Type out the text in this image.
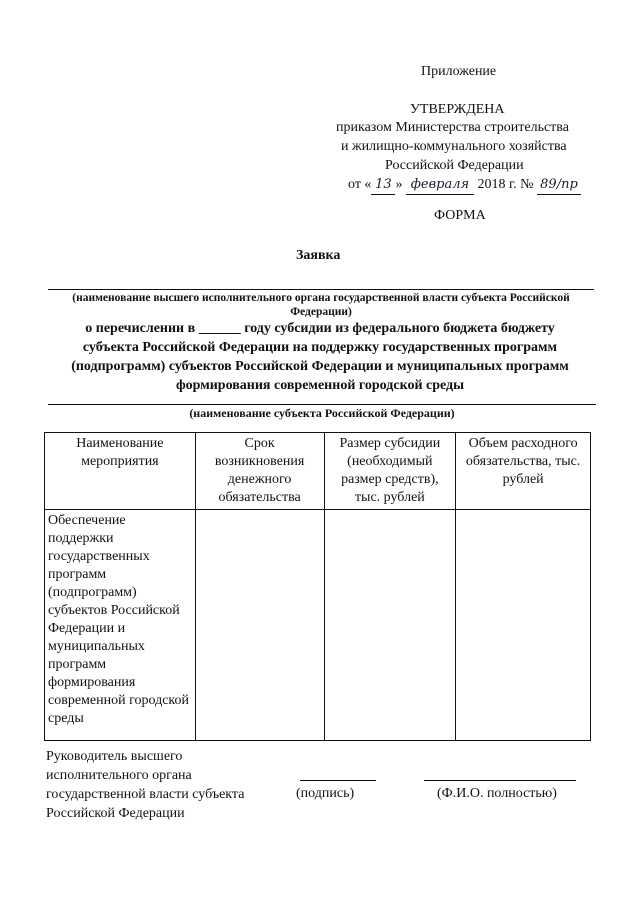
Приложение
УТВЕРЖДЕНА
приказом Министерства строительства
и жилищно-коммунального хозяйства
Российской Федерации
от « 13 » февраля 2018 г. № 89/пр
ФОРМА
Заявка
(наименование высшего исполнительного органа государственной власти субъекта Российской Федерации)
о перечислении в ______ году субсидии из федерального бюджета бюджету
субъекта Российской Федерации на поддержку государственных программ
(подпрограмм) субъектов Российской Федерации и муниципальных программ
формирования современной городской среды
(наименование субъекта Российской Федерации)
Наименование мероприятия	Срок возникновения денежного обязательства	Размер субсидии (необходимый размер средств), тыс. рублей	Объем расходного обязательства, тыс. рублей
Обеспечение поддержки государственных программ (подпрограмм) субъектов Российской Федерации и муниципальных программ формирования современной городской среды			
Руководитель высшего
исполнительного органа
государственной власти субъекта
Российской Федерации
(подпись)	(Ф.И.О. полностью)
